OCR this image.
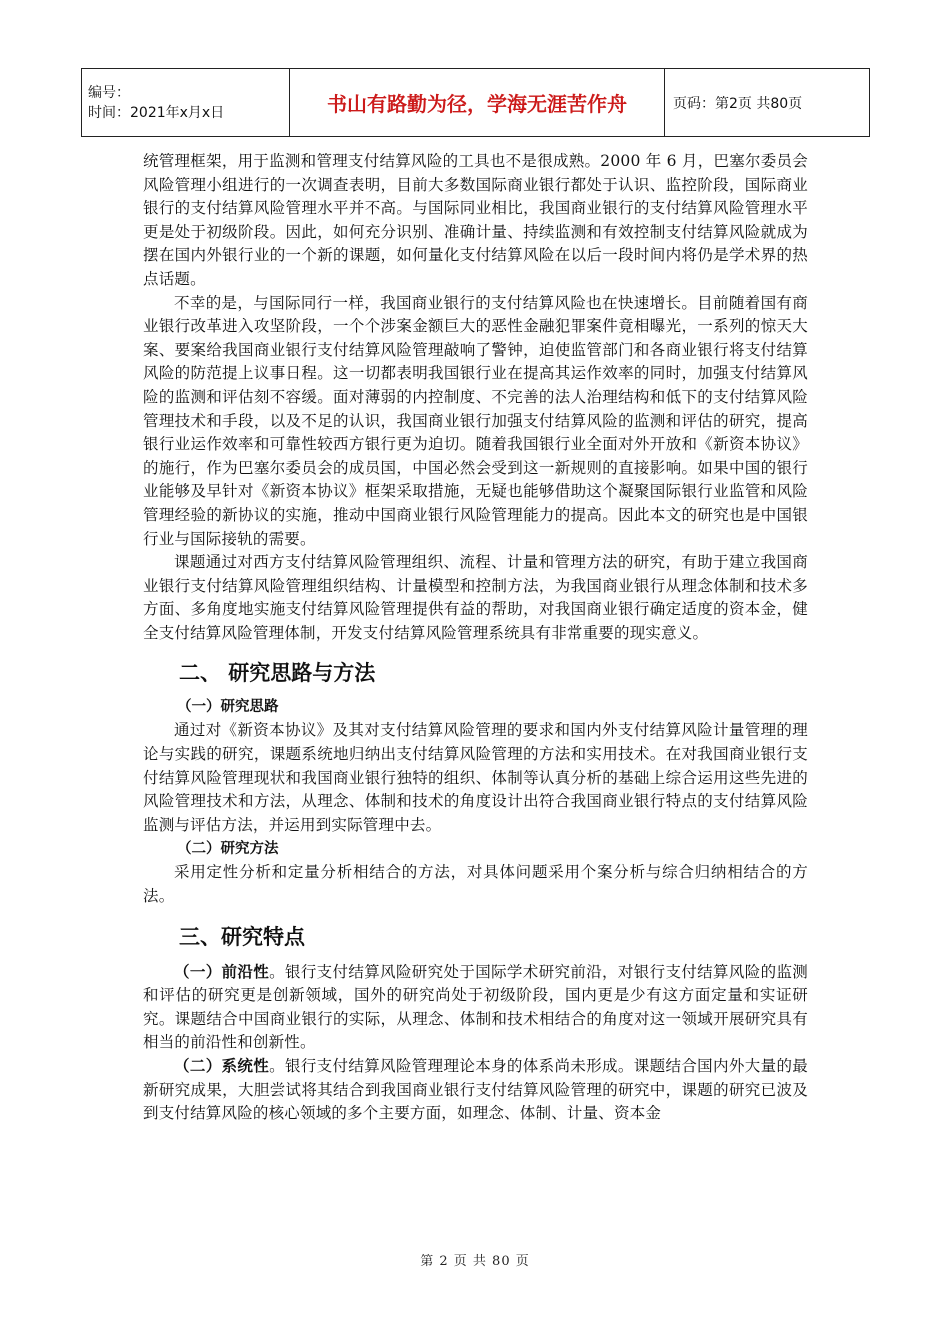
编号：
时间：2021年x月x日	书山有路勤为径，学海无涯苦作舟	页码：第2页 共80页

统管理框架，用于监测和管理支付结算风险的工具也不是很成熟。2000 年 6 月，巴塞尔委员会风险管理小组进行的一次调查表明，目前大多数国际商业银行都处于认识、监控阶段，国际商业银行的支付结算风险管理水平并不高。与国际同业相比，我国商业银行的支付结算风险管理水平更是处于初级阶段。因此，如何充分识别、准确计量、持续监测和有效控制支付结算风险就成为摆在国内外银行业的一个新的课题，如何量化支付结算风险在以后一段时间内将仍是学术界的热点话题。

不幸的是，与国际同行一样，我国商业银行的支付结算风险也在快速增长。目前随着国有商业银行改革进入攻坚阶段，一个个涉案金额巨大的恶性金融犯罪案件竟相曝光，一系列的惊天大案、要案给我国商业银行支付结算风险管理敲响了警钟，迫使监管部门和各商业银行将支付结算风险的防范提上议事日程。这一切都表明我国银行业在提高其运作效率的同时，加强支付结算风险的监测和评估刻不容缓。面对薄弱的内控制度、不完善的法人治理结构和低下的支付结算风险管理技术和手段，以及不足的认识，我国商业银行加强支付结算风险的监测和评估的研究，提高银行业运作效率和可靠性较西方银行更为迫切。随着我国银行业全面对外开放和《新资本协议》的施行，作为巴塞尔委员会的成员国，中国必然会受到这一新规则的直接影响。如果中国的银行业能够及早针对《新资本协议》框架采取措施，无疑也能够借助这个凝聚国际银行业监管和风险管理经验的新协议的实施，推动中国商业银行风险管理能力的提高。因此本文的研究也是中国银行业与国际接轨的需要。

课题通过对西方支付结算风险管理组织、流程、计量和管理方法的研究，有助于建立我国商业银行支付结算风险管理组织结构、计量模型和控制方法，为我国商业银行从理念体制和技术多方面、多角度地实施支付结算风险管理提供有益的帮助，对我国商业银行确定适度的资本金，健全支付结算风险管理体制，开发支付结算风险管理系统具有非常重要的现实意义。

二、 研究思路与方法
（一）研究思路

通过对《新资本协议》及其对支付结算风险管理的要求和国内外支付结算风险计量管理的理论与实践的研究，课题系统地归纳出支付结算风险管理的方法和实用技术。在对我国商业银行支付结算风险管理现状和我国商业银行独特的组织、体制等认真分析的基础上综合运用这些先进的风险管理技术和方法，从理念、体制和技术的角度设计出符合我国商业银行特点的支付结算风险监测与评估方法，并运用到实际管理中去。

（二）研究方法

采用定性分析和定量分析相结合的方法，对具体问题采用个案分析与综合归纳相结合的方法。

三、研究特点

（一）前沿性。银行支付结算风险研究处于国际学术研究前沿，对银行支付结算风险的监测和评估的研究更是创新领域，国外的研究尚处于初级阶段，国内更是少有这方面定量和实证研究。课题结合中国商业银行的实际，从理念、体制和技术相结合的角度对这一领域开展研究具有相当的前沿性和创新性。

（二）系统性。银行支付结算风险管理理论本身的体系尚未形成。课题结合国内外大量的最新研究成果，大胆尝试将其结合到我国商业银行支付结算风险管理的研究中，课题的研究已波及到支付结算风险的核心领域的多个主要方面，如理念、体制、计量、资本金

第 2 页 共 80 页
